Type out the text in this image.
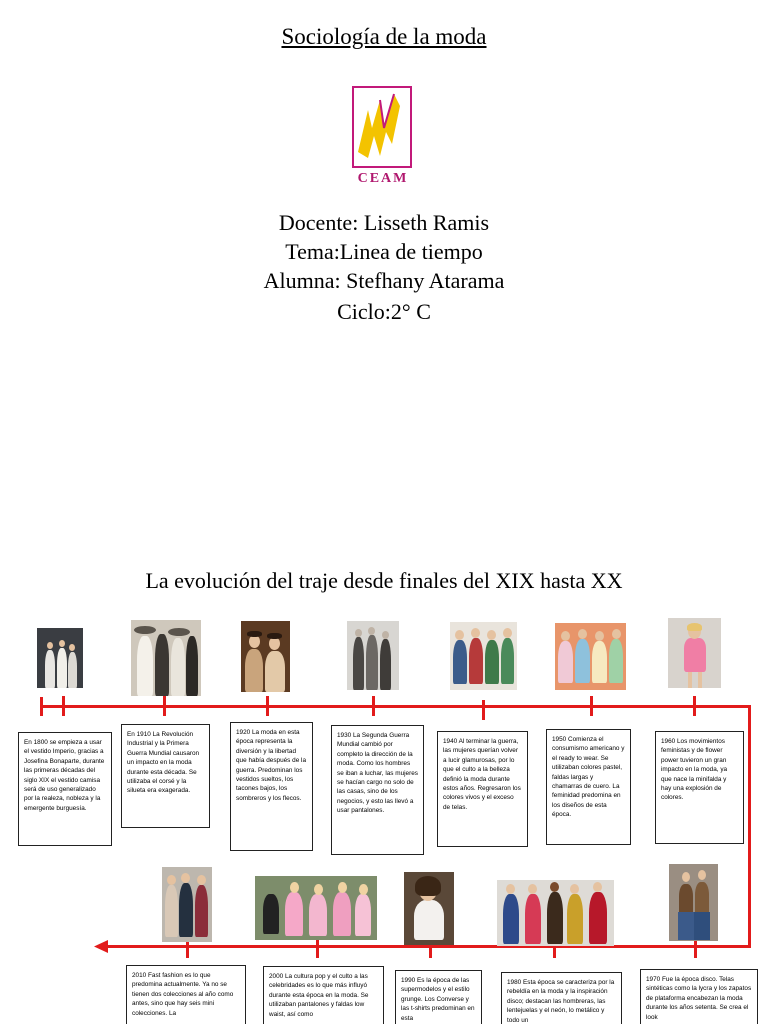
Sociología de la moda
CEAM
Docente: Lisseth Ramis
Tema:Linea de tiempo
Alumna: Stefhany Atarama
Ciclo:2° C
La evolución del traje desde finales del XIX hasta XX
En 1800 se empieza a usar el vestido Imperio, gracias a Josefina Bonaparte, durante las primeras décadas del siglo XIX el vestido camisa será de uso generalizado por la realeza, nobleza y la emergente burguesía.
En 1910 La Revolución Industrial y la Primera Guerra Mundial causaron un impacto en la moda durante esta década. Se utilizaba el corsé y la silueta era exagerada.
1920 La moda en esta época representa la diversión y la libertad que había después de la guerra. Predominan los vestidos sueltos, los tacones bajos, los sombreros y los flecos.
1930 La Segunda Guerra Mundial cambió por completo la dirección de la moda. Como los hombres se iban a luchar, las mujeres se hacían cargo no solo de las casas, sino de los negocios, y esto las llevó a usar pantalones.
1940 Al terminar la guerra, las mujeres querían volver a lucir glamurosas, por lo que el culto a la belleza definió la moda durante estos años. Regresaron los colores vivos y el exceso de telas.
1950 Comienza el consumismo americano y el ready to wear. Se utilizaban colores pastel, faldas largas y chamarras de cuero. La feminidad predomina en los diseños de esta época.
1960 Los movimientos feministas y de flower power tuvieron un gran impacto en la moda, ya que nace la minifalda y hay una explosión de colores.
2010 Fast fashion es lo que predomina actualmente. Ya no se tienen dos colecciones al año como antes, sino que hay seis mini colecciones. La
2000 La cultura pop y el culto a las celebridades es lo que más influyó durante esta época en la moda. Se utilizaban pantalones y faldas low waist, así como
1990 Es la época de las supermodelos y el estilo grunge. Los Converse y las t-shirts predominan en esta
1980 Esta época se caracteriza por la rebeldía en la moda y la inspiración disco; destacan las hombreras, las lentejuelas y el neón, lo metálico y todo un
1970 Fue la época disco. Telas sintéticas como la lycra y los zapatos de plataforma encabezan la moda durante los años setenta. Se crea el look
